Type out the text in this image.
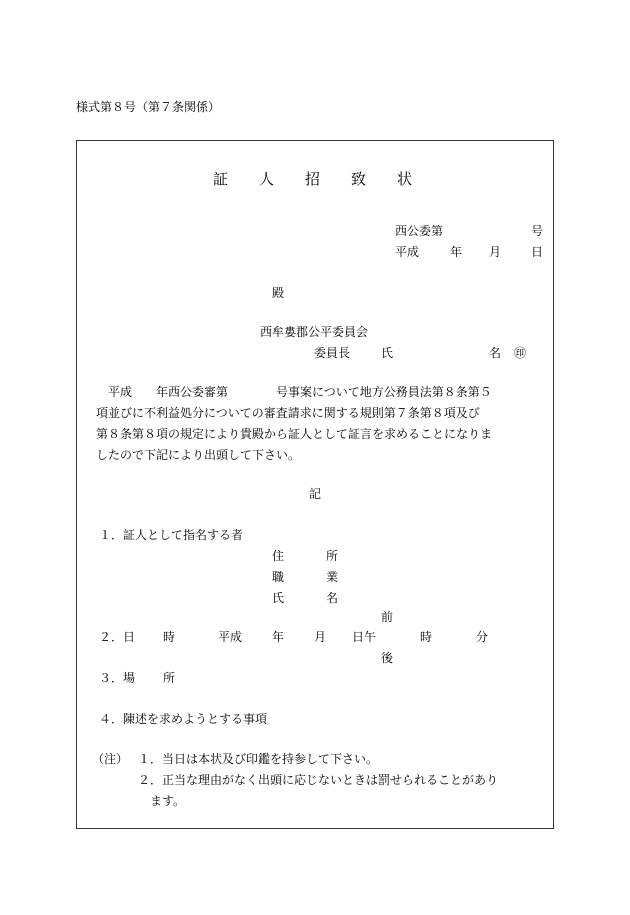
様式第８号（第７条関係）
証 人 招 致 状
西公委第	号
平成	年 月 日
殿
西牟婁郡公平委員会
委員長	氏	名 ㊞
　平成　　年西公委審第　　　　号事案について地方公務員法第８条第５
項並びに不利益処分についての審査請求に関する規則第７条第８項及び
第８条第８項の規定により貴殿から証人として証言を求めることになりま
したので下記により出頭して下さい。
記
１．証人として指名する者
住	所
職	業
氏	名
前
２．日 時	平成 年 月 日 午	時	分
後
３．場 所
４．陳述を求めようとする事項
（注） １．当日は本状及び印鑑を持参して下さい。
２．正当な理由がなく出頭に応じないときは罰せられることがあり
ます。
